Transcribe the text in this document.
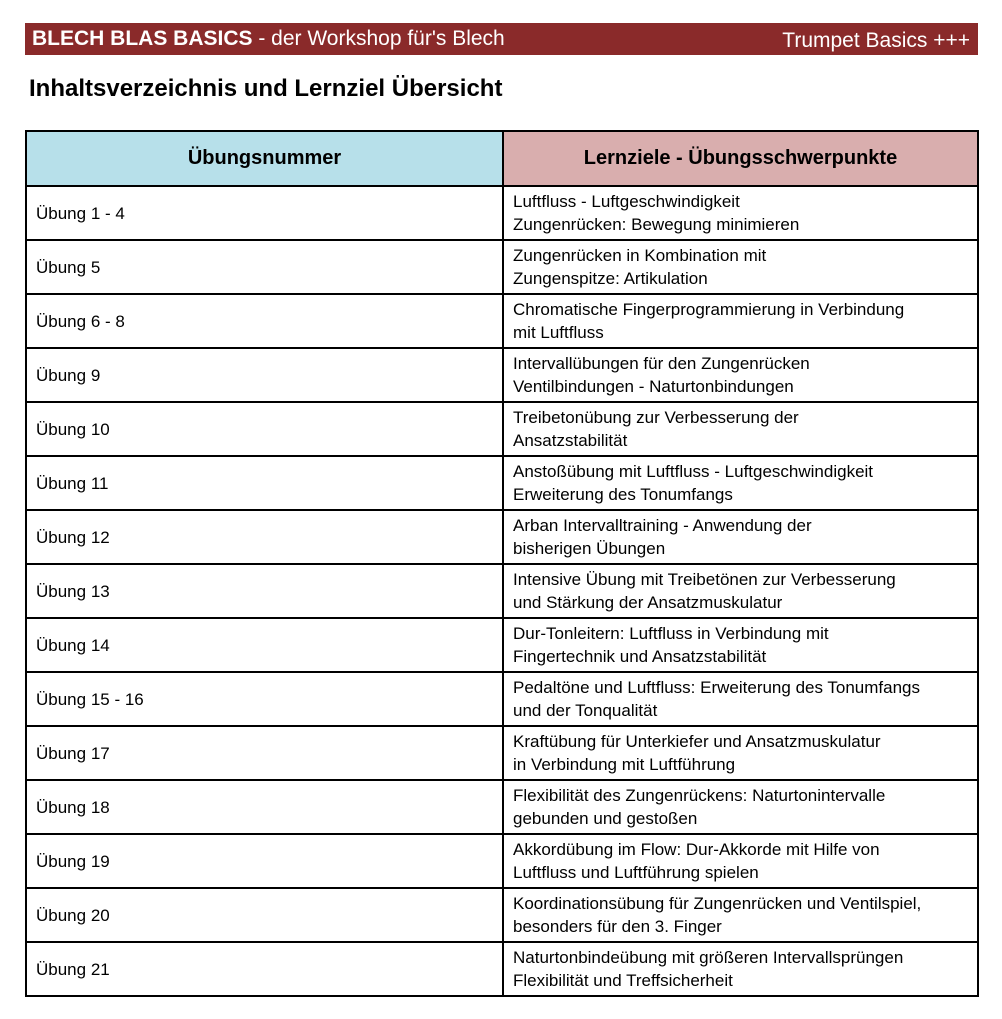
BLECH BLAS BASICS - der Workshop für's Blech	Trumpet Basics +++
Inhaltsverzeichnis und Lernziel Übersicht
Übungsnummer	Lernziele - Übungsschwerpunkte
Übung 1 - 4	Luftfluss - Luftgeschwindigkeit
Zungenrücken: Bewegung minimieren

Übung 5	Zungenrücken in Kombination mit
Zungenspitze: Artikulation

Übung 6 - 8	Chromatische Fingerprogrammierung in Verbindung
mit Luftfluss

Übung 9	Intervallübungen für den Zungenrücken
Ventilbindungen - Naturtonbindungen

Übung 10	Treibetonübung zur Verbesserung der
Ansatzstabilität

Übung 11	Anstoßübung mit Luftfluss - Luftgeschwindigkeit
Erweiterung des Tonumfangs

Übung 12	Arban Intervalltraining - Anwendung der
bisherigen Übungen

Übung 13	Intensive Übung mit Treibetönen zur Verbesserung
und Stärkung der Ansatzmuskulatur

Übung 14	Dur-Tonleitern: Luftfluss in Verbindung mit
Fingertechnik und Ansatzstabilität

Übung 15 - 16	Pedaltöne und Luftfluss: Erweiterung des Tonumfangs
und der Tonqualität

Übung 17	Kraftübung für Unterkiefer und Ansatzmuskulatur
in Verbindung mit Luftführung

Übung 18	Flexibilität des Zungenrückens: Naturtonintervalle
gebunden und gestoßen

Übung 19	Akkordübung im Flow: Dur-Akkorde mit Hilfe von
Luftfluss und Luftführung spielen

Übung 20	Koordinationsübung für Zungenrücken und Ventilspiel,
besonders für den 3. Finger

Übung 21	Naturtonbindeübung mit größeren Intervallsprüngen
Flexibilität und Treffsicherheit
